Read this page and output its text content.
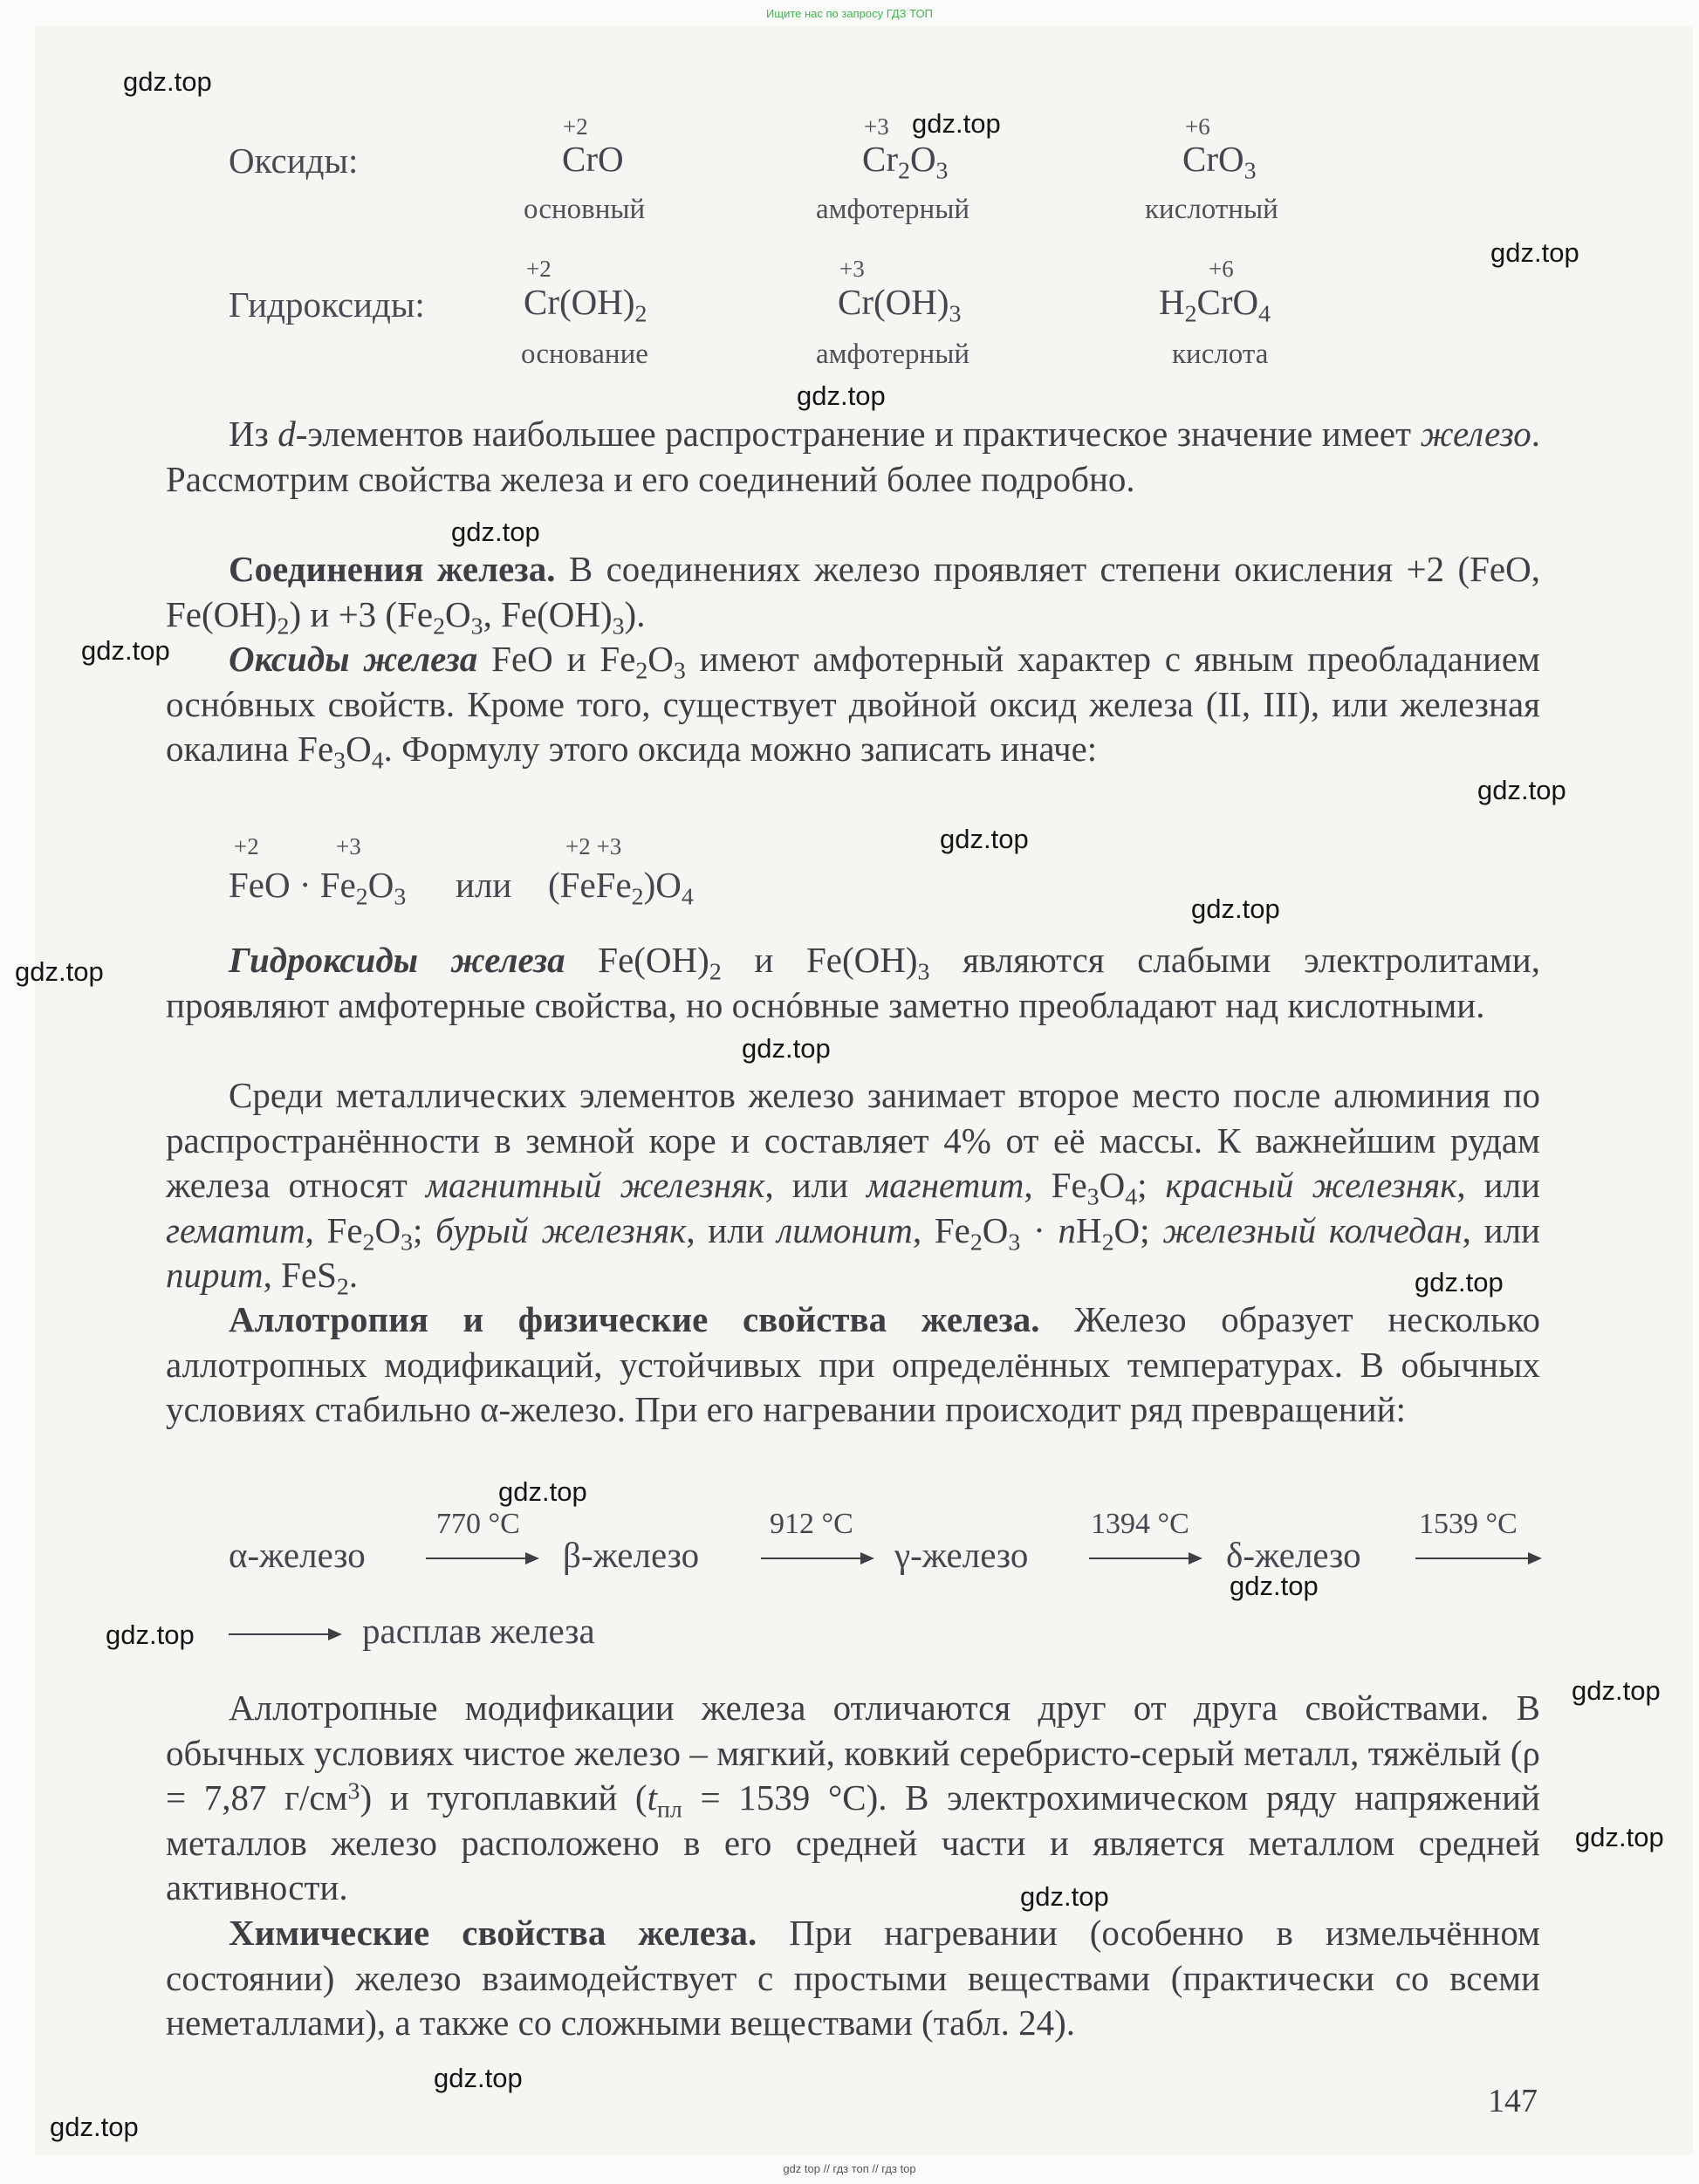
Ищите нас по запросу ГДЗ ТОП
Оксиды:
+2
CrO
основный
+3
$Cr_2O_3$
амфотерный
+6
CrO$_3$
кислотный
Гидроксиды:
+2
$Cr(OH)_2$
основание
+3
$Cr(OH)_3$
амфотерный
+6
$H_2CrO_4$
кислота
Из d-элементов наибольшее распространение и практическое значение имеет железо. Рассмотрим свойства железа и его соединений более подробно.
Соединения железа. В соединениях железо проявляет степени окисления +2 (FeO, $Fe(OH)_2$) и +3 ($Fe_2O_3$, $Fe(OH)_3$).
Оксиды железа FeO и $Fe_2O_3$ имеют амфотерный характер с явным преобладанием оснóвных свойств. Кроме того, существует двойной оксид железа (II, III), или железная окалина $Fe_3O_4$. Формулу этого оксида можно записать иначе:
+2	+3	+2 +3
FeO · $Fe_2O_3$ или $(FeFe_2)O_4$
Гидроксиды железа $Fe(OH)_2$ и $Fe(OH)_3$ являются слабыми электролитами, проявляют амфотерные свойства, но оснóвные заметно преобладают над кислотными.
Среди металлических элементов железо занимает второе место после алюминия по распространённости в земной коре и составляет 4% от её массы. К важнейшим рудам железа относят магнитный железняк, или магнетит, $Fe_3O_4$; красный железняк, или гематит, $Fe_2O_3$; бурый железняк, или лимонит, $Fe_2O_3 \cdot nH_2O$; железный колчедан, или пирит, FeS$_2$.
Аллотропия и физические свойства железа. Железо образует несколько аллотропных модификаций, устойчивых при определённых температурах. В обычных условиях стабильно α-железо. При его нагревании происходит ряд превращений:
α-железо
770 °C
β-железо
912 °C
γ-железо
1394 °C
δ-железо
1539 °C
расплав железа
Аллотропные модификации железа отличаются друг от друга свойствами. В обычных условиях чистое железо – мягкий, ковкий серебристо-серый металл, тяжёлый (ρ = 7,87 $г/см^3$) и тугоплавкий ($t_{пл} = 1539$ °C). В электрохимическом ряду напряжений металлов железо расположено в его средней части и является металлом средней активности.
Химические свойства железа. При нагревании (особенно в измельчённом состоянии) железо взаимодействует с простыми веществами (практически со всеми неметаллами), а также со сложными веществами (табл. 24).
147
gdz.top
gdz.top
gdz.top
gdz.top
gdz.top
gdz.top
gdz.top
gdz.top
gdz.top
gdz.top
gdz.top
gdz.top
gdz.top
gdz.top
gdz.top
gdz.top
gdz.top
gdz.top
gdz.top
gdz.top
gdz top // гдз топ // гдз top
